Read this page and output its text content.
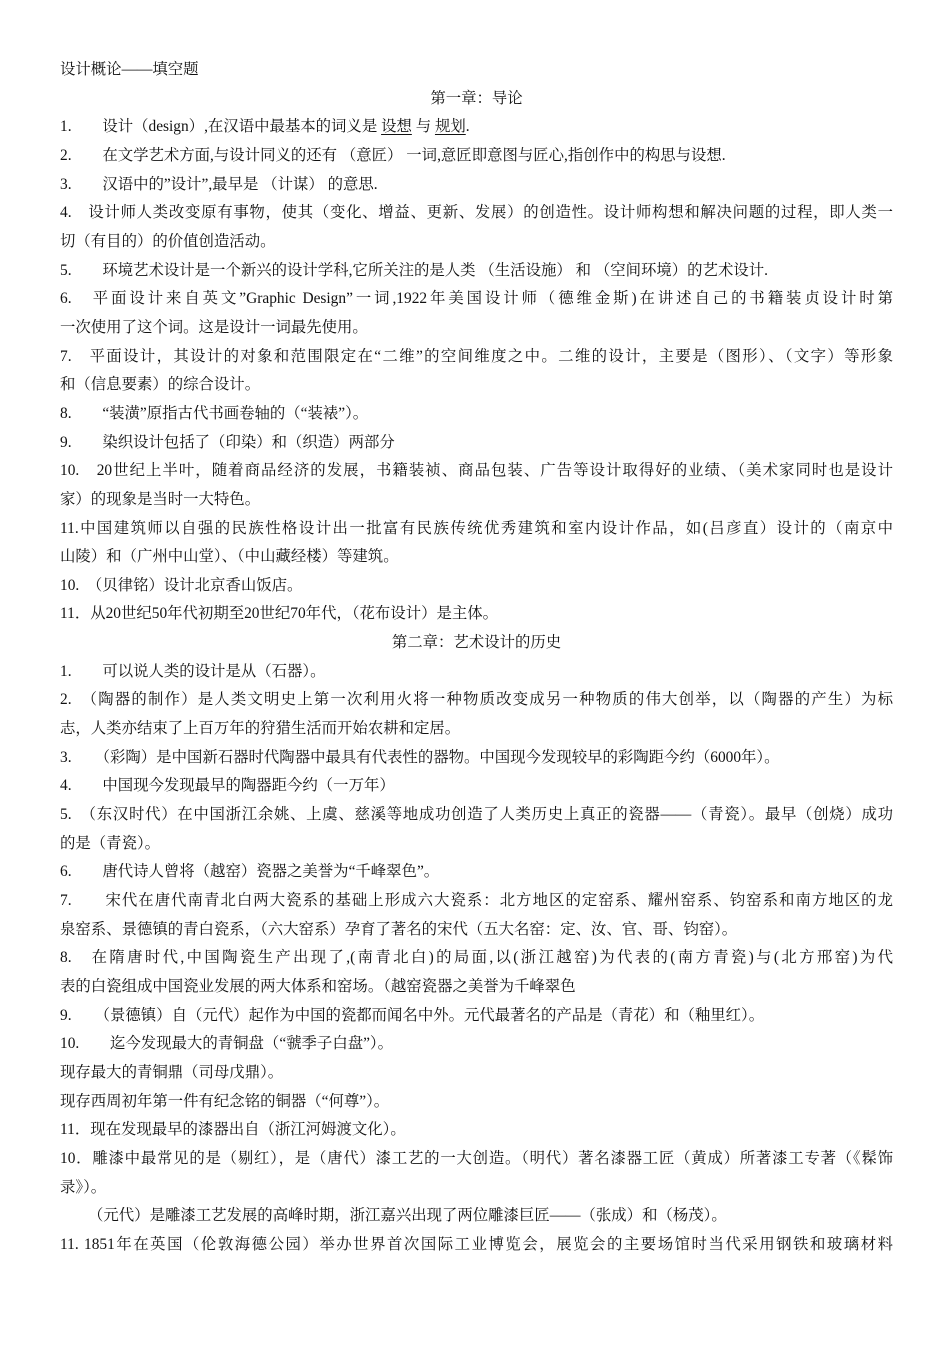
设计概论——填空题
第一章：导论
1.　　设计（design）,在汉语中最基本的词义是 设想 与 规划.
2.　　在文学艺术方面,与设计同义的还有 （意匠） 一词,意匠即意图与匠心,指创作中的构思与设想.
3.　　汉语中的”设计”,最早是 （计谋） 的意思.
4.　设计师人类改变原有事物，使其（变化、增益、更新、发展）的创造性。设计师构想和解决问题的过程，即人类一
切（有目的）的价值创造活动。
5.　　环境艺术设计是一个新兴的设计学科,它所关注的是人类 （生活设施） 和 （空间环境）的艺术设计.
6.　平面设计来自英文”Graphic Design”一词,1922年美国设计师（德维金斯)在讲述自己的书籍装贞设计时第
一次使用了这个词。这是设计一词最先使用。
7.　平面设计，其设计的对象和范围限定在“二维”的空间维度之中。二维的设计，主要是（图形）、（文字）等形象
和（信息要素）的综合设计。
8.　　“装潢”原指古代书画卷轴的（“装裱”）。
9.　　染织设计包括了（印染）和（织造）两部分
10.　20世纪上半叶，随着商品经济的发展，书籍装祯、商品包装、广告等设计取得好的业绩、（美术家同时也是设计
家）的现象是当时一大特色。
11.中国建筑师以自强的民族性格设计出一批富有民族传统优秀建筑和室内设计作品，如(吕彦直）设计的（南京中
山陵）和（广州中山堂）、（中山藏经楼）等建筑。
10.　（贝律铭）设计北京香山饭店。
11．从20世纪50年代初期至20世纪70年代，（花布设计）是主体。
第二章：艺术设计的历史
1.　　可以说人类的设计是从（石器）。
2.　（陶器的制作）是人类文明史上第一次利用火将一种物质改变成另一种物质的伟大创举，以（陶器的产生）为标
志，人类亦结束了上百万年的狩猎生活而开始农耕和定居。
3.　　（彩陶）是中国新石器时代陶器中最具有代表性的器物。中国现今发现较早的彩陶距今约（6000年）。
4.　　中国现今发现最早的陶器距今约（一万年）
5.　（东汉时代）在中国浙江余姚、上虞、慈溪等地成功创造了人类历史上真正的瓷器——（青瓷）。最早（创烧）成功
的是（青瓷）。
6.　　唐代诗人曾将（越窑）瓷器之美誉为“千峰翠色”。
7.　　宋代在唐代南青北白两大瓷系的基础上形成六大瓷系：北方地区的定窑系、耀州窑系、钧窑系和南方地区的龙
泉窑系、景德镇的青白瓷系，（六大窑系）孕育了著名的宋代（五大名窑：定、汝、官、哥、钧窑）。
8.　在隋唐时代,中国陶瓷生产出现了,(南青北白)的局面,以(浙江越窑)为代表的(南方青瓷)与(北方邢窑)为代
表的白瓷组成中国瓷业发展的两大体系和窑场。（越窑瓷器之美誉为千峰翠色
9.　　（景德镇）自（元代）起作为中国的瓷都而闻名中外。元代最著名的产品是（青花）和（釉里红）。
10.　　迄今发现最大的青铜盘（“虢季子白盘”）。
现存最大的青铜鼎（司母戊鼎）。
现存西周初年第一件有纪念铭的铜器（“何尊”）。
11．现在发现最早的漆器出自（浙江河姆渡文化）。
10．雕漆中最常见的是（剔红），是（唐代）漆工艺的一大创造。（明代）著名漆器工匠（黄成）所著漆工专著（《髹饰
录》）。
（元代）是雕漆工艺发展的高峰时期，浙江嘉兴出现了两位雕漆巨匠——（张成）和（杨茂）。
11. 1851年在英国（伦敦海德公园）举办世界首次国际工业博览会，展览会的主要场馆时当代采用钢铁和玻璃材料
